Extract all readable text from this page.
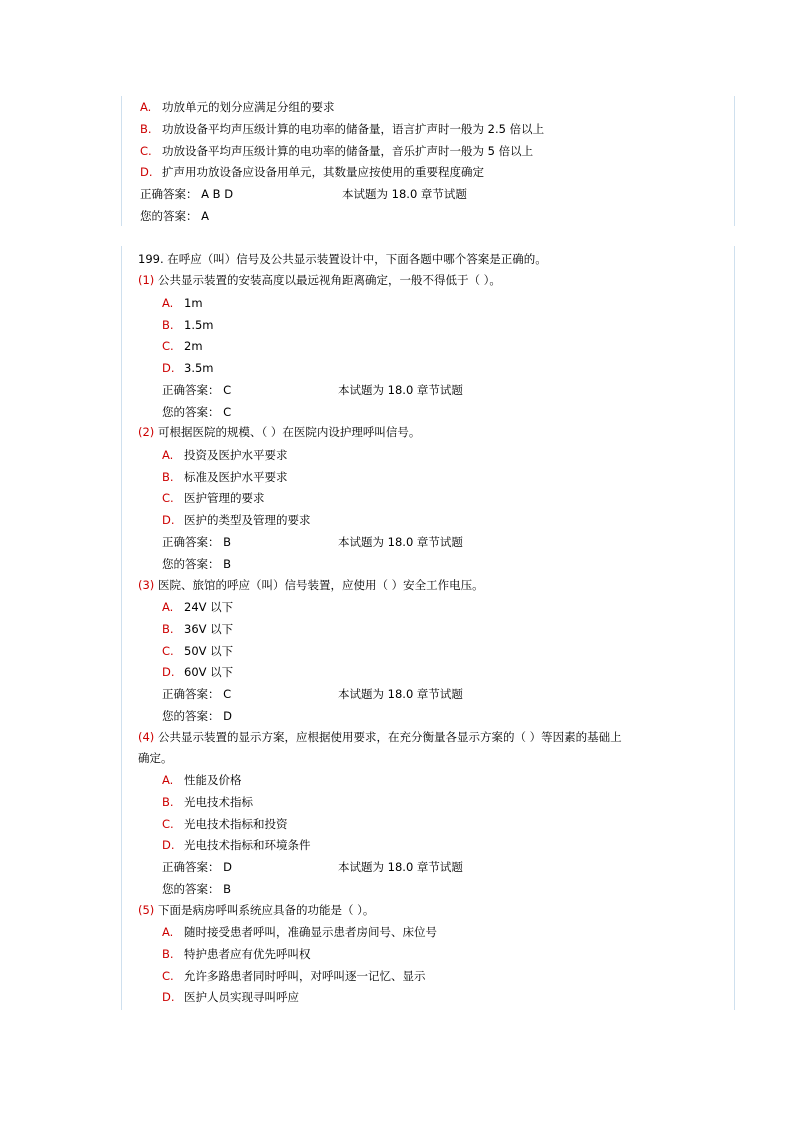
A. 功放单元的划分应满足分组的要求
B. 功放设备平均声压级计算的电功率的储备量，语言扩声时一般为 2.5 倍以上
C. 功放设备平均声压级计算的电功率的储备量，音乐扩声时一般为 5 倍以上
D. 扩声用功放设备应设备用单元，其数量应按使用的重要程度确定
正确答案： A B D	本试题为 18.0 章节试题
您的答案： A
199. 在呼应（叫）信号及公共显示装置设计中，下面各题中哪个答案是正确的。
(1) 公共显示装置的安装高度以最远视角距离确定，一般不得低于（ ）。
A. 1m
B. 1.5m
C. 2m
D. 3.5m
正确答案： C	本试题为 18.0 章节试题
您的答案： C
(2) 可根据医院的规模、（ ）在医院内设护理呼叫信号。
A. 投资及医护水平要求
B. 标准及医护水平要求
C. 医护管理的要求
D. 医护的类型及管理的要求
正确答案： B	本试题为 18.0 章节试题
您的答案： B
(3) 医院、旅馆的呼应（叫）信号装置，应使用（ ）安全工作电压。
A. 24V 以下
B. 36V 以下
C. 50V 以下
D. 60V 以下
正确答案： C	本试题为 18.0 章节试题
您的答案： D
(4) 公共显示装置的显示方案，应根据使用要求，在充分衡量各显示方案的（ ）等因素的基础上
确定。
A. 性能及价格
B. 光电技术指标
C. 光电技术指标和投资
D. 光电技术指标和环境条件
正确答案： D	本试题为 18.0 章节试题
您的答案： B
(5) 下面是病房呼叫系统应具备的功能是（ ）。
A. 随时接受患者呼叫，准确显示患者房间号、床位号
B. 特护患者应有优先呼叫权
C. 允许多路患者同时呼叫，对呼叫逐一记忆、显示
D. 医护人员实现寻叫呼应
